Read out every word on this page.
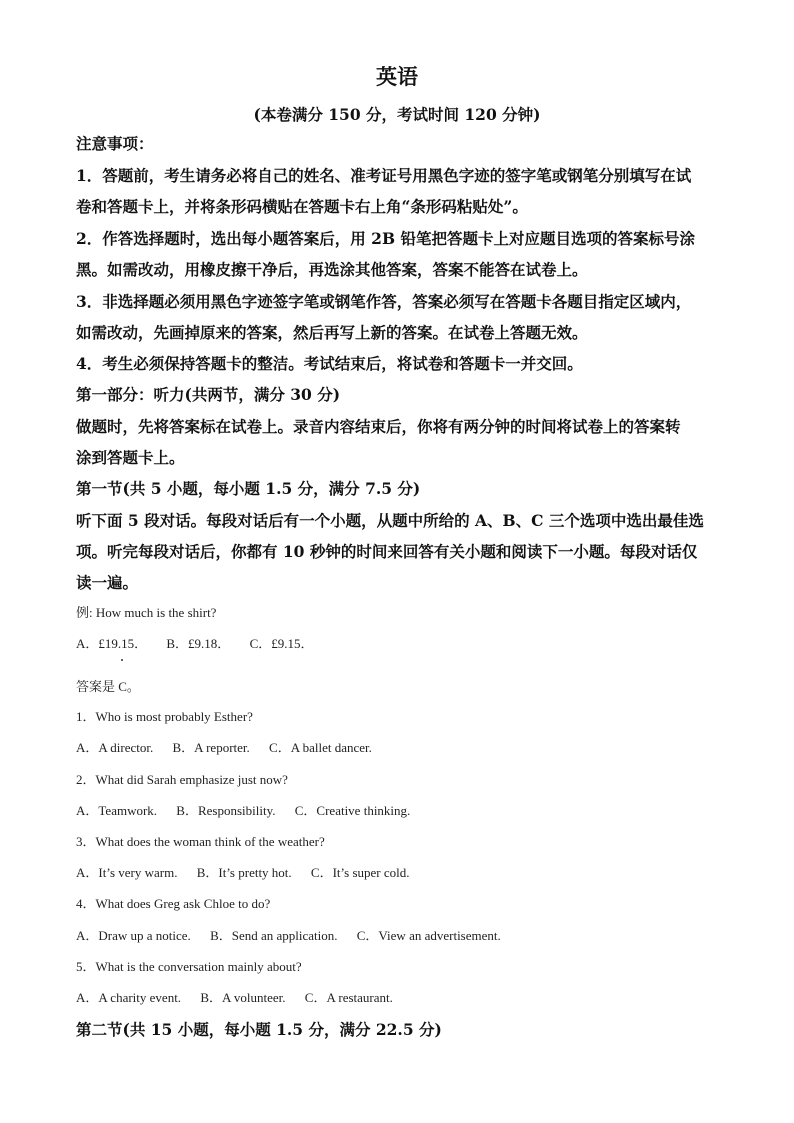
英语
(本卷满分 150 分，考试时间 120 分钟)
注意事项：
1．答题前，考生请务必将自己的姓名、准考证号用黑色字迹的签字笔或钢笔分别填写在试
卷和答题卡上，并将条形码横贴在答题卡右上角“条形码粘贴处”。
2．作答选择题时，选出每小题答案后，用 2B 铅笔把答题卡上对应题目选项的答案标号涂
黑。如需改动，用橡皮擦干净后，再选涂其他答案，答案不能答在试卷上。
3．非选择题必须用黑色字迹签字笔或钢笔作答，答案必须写在答题卡各题目指定区域内，
如需改动，先画掉原来的答案，然后再写上新的答案。在试卷上答题无效。
4．考生必须保持答题卡的整洁。考试结束后，将试卷和答题卡一并交回。
第一部分：听力(共两节，满分 30 分)
做题时，先将答案标在试卷上。录音内容结束后，你将有两分钟的时间将试卷上的答案转
涂到答题卡上。
第一节(共 5 小题，每小题 1.5 分，满分 7.5 分)
听下面 5 段对话。每段对话后有一个小题，从题中所给的 A、B、C 三个选项中选出最佳选
项。听完每段对话后，你都有 10 秒钟的时间来回答有关小题和阅读下一小题。每段对话仅
读一遍。
例: How much is the shirt?
A．£19.15． B．£9.18． C．£9.15．
答案是 C。
1．Who is most probably Esther?
A．A director. B．A reporter. C．A ballet dancer.
2．What did Sarah emphasize just now?
A．Teamwork. B．Responsibility. C．Creative thinking.
3．What does the woman think of the weather?
A．It’s very warm. B．It’s pretty hot. C．It’s super cold.
4．What does Greg ask Chloe to do?
A．Draw up a notice. B．Send an application. C．View an advertisement.
5．What is the conversation mainly about?
A．A charity event. B．A volunteer. C．A restaurant.
第二节(共 15 小题，每小题 1.5 分，满分 22.5 分)
